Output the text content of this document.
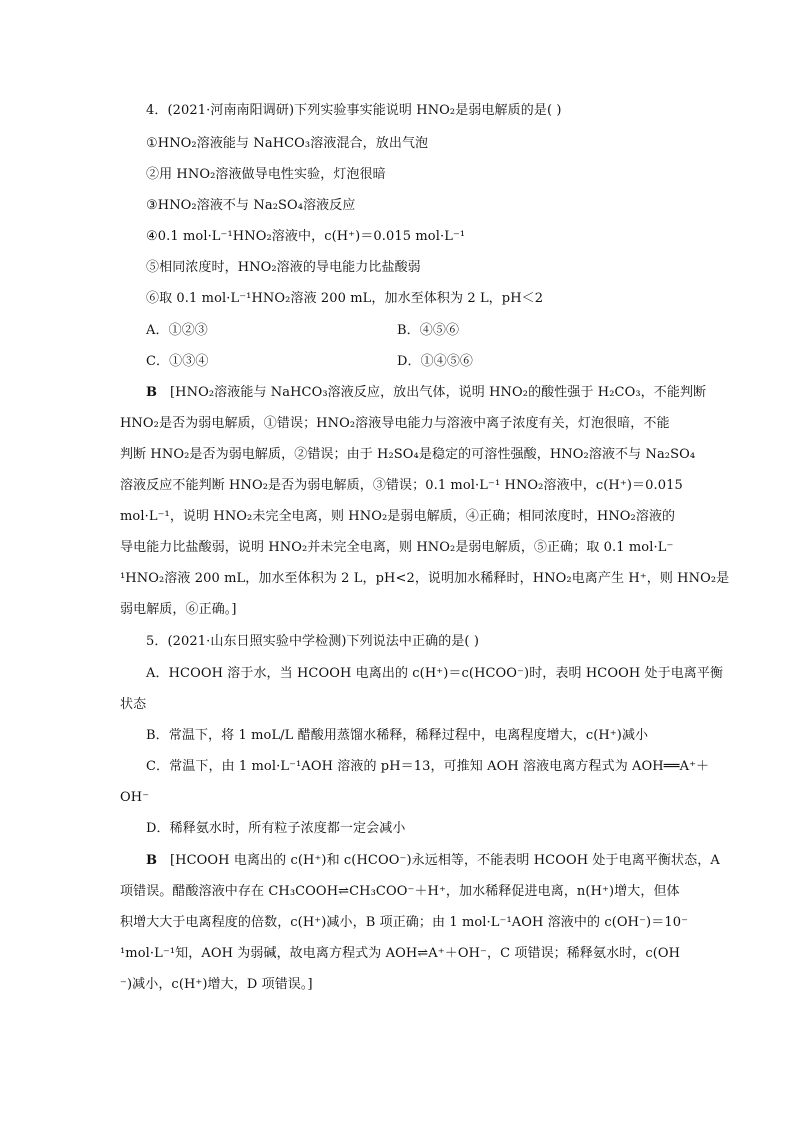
4．(2021·河南南阳调研)下列实验事实能说明 HNO₂是弱电解质的是( )
①HNO₂溶液能与 NaHCO₃溶液混合，放出气泡
②用 HNO₂溶液做导电性实验，灯泡很暗
③HNO₂溶液不与 Na₂SO₄溶液反应
④0.1 mol·L⁻¹HNO₂溶液中，c(H⁺)＝0.015 mol·L⁻¹
⑤相同浓度时，HNO₂溶液的导电能力比盐酸弱
⑥取 0.1 mol·L⁻¹HNO₂溶液 200 mL，加水至体积为 2 L，pH＜2
A．①②③	B．④⑤⑥
C．①③④	D．①④⑤⑥
B [HNO₂溶液能与 NaHCO₃溶液反应，放出气体，说明 HNO₂的酸性强于 H₂CO₃，不能判断
HNO₂是否为弱电解质，①错误；HNO₂溶液导电能力与溶液中离子浓度有关，灯泡很暗，不能
判断 HNO₂是否为弱电解质，②错误；由于 H₂SO₄是稳定的可溶性强酸，HNO₂溶液不与 Na₂SO₄
溶液反应不能判断 HNO₂是否为弱电解质，③错误；0.1 mol·L⁻¹ HNO₂溶液中，c(H⁺)＝0.015
mol·L⁻¹，说明 HNO₂未完全电离，则 HNO₂是弱电解质，④正确；相同浓度时，HNO₂溶液的
导电能力比盐酸弱，说明 HNO₂并未完全电离，则 HNO₂是弱电解质，⑤正确；取 0.1 mol·L⁻
¹HNO₂溶液 200 mL，加水至体积为 2 L，pH<2，说明加水稀释时，HNO₂电离产生 H⁺，则 HNO₂是
弱电解质，⑥正确。]
5．(2021·山东日照实验中学检测)下列说法中正确的是( )
A．HCOOH 溶于水，当 HCOOH 电离出的 c(H⁺)＝c(HCOO⁻)时，表明 HCOOH 处于电离平衡
状态
B．常温下，将 1 moL/L 醋酸用蒸馏水稀释，稀释过程中，电离程度增大，c(H⁺)减小
C．常温下，由 1 mol·L⁻¹AOH 溶液的 pH＝13，可推知 AOH 溶液电离方程式为 AOH══A⁺＋
OH⁻
D．稀释氨水时，所有粒子浓度都一定会减小
B [HCOOH 电离出的 c(H⁺)和 c(HCOO⁻)永远相等，不能表明 HCOOH 处于电离平衡状态，A
项错误。醋酸溶液中存在 CH₃COOH⇌CH₃COO⁻＋H⁺，加水稀释促进电离，n(H⁺)增大，但体
积增大大于电离程度的倍数，c(H⁺)减小，B 项正确；由 1 mol·L⁻¹AOH 溶液中的 c(OH⁻)＝10⁻
¹mol·L⁻¹知，AOH 为弱碱，故电离方程式为 AOH⇌A⁺＋OH⁻，C 项错误；稀释氨水时，c(OH
⁻)减小，c(H⁺)增大，D 项错误。]
